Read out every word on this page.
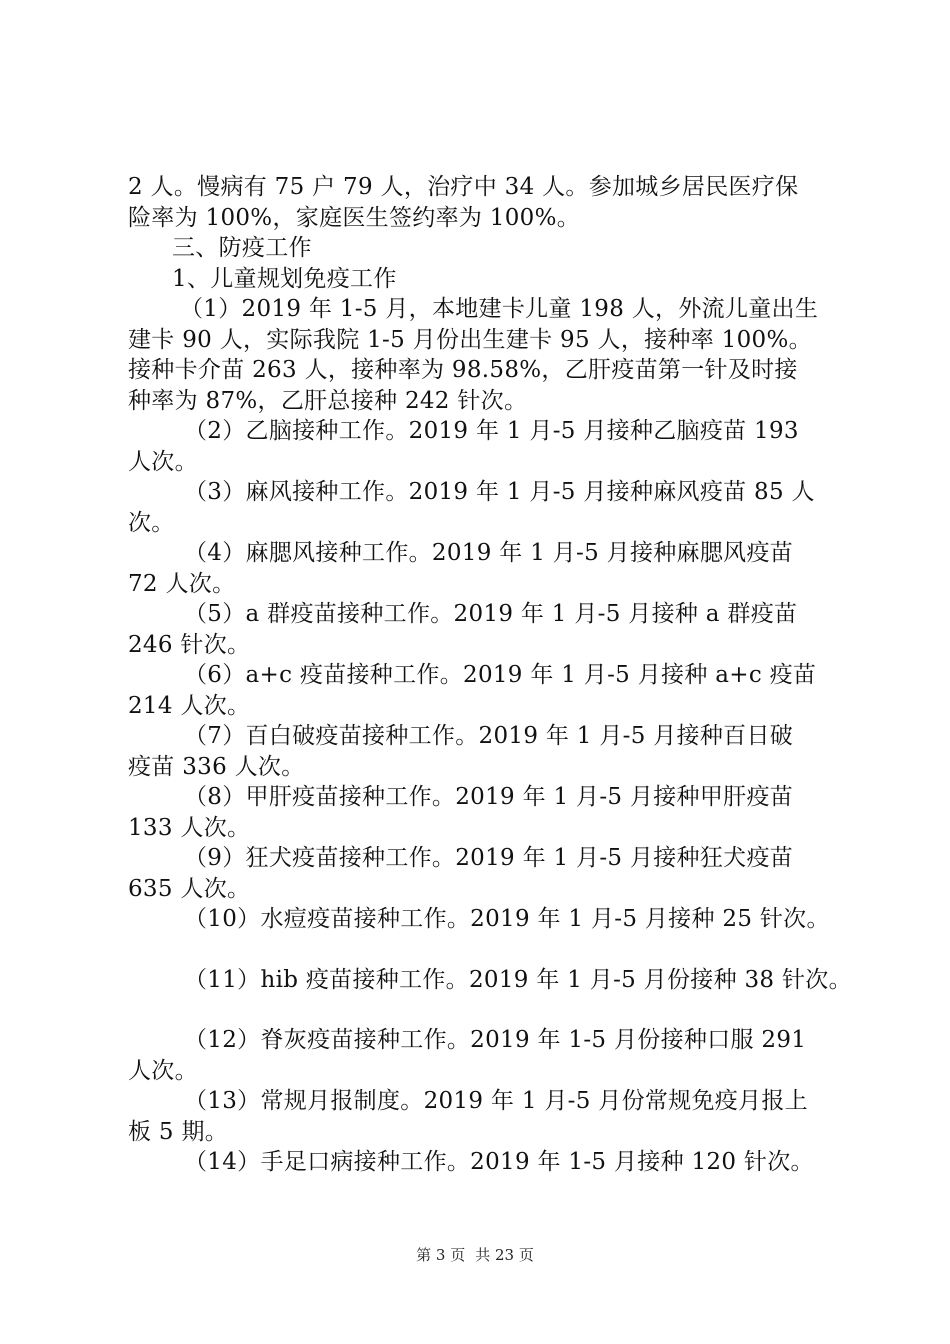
2 人。慢病有 75 户 79 人，治疗中 34 人。参加城乡居民医疗保
险率为 100%，家庭医生签约率为 100%。
三、防疫工作
1、儿童规划免疫工作
（1）2019 年 1-5 月，本地建卡儿童 198 人，外流儿童出生
建卡 90 人，实际我院 1-5 月份出生建卡 95 人，接种率 100%。
接种卡介苗 263 人，接种率为 98.58%，乙肝疫苗第一针及时接
种率为 87%，乙肝总接种 242 针次。
（2）乙脑接种工作。2019 年 1 月-5 月接种乙脑疫苗 193
人次。
（3）麻风接种工作。2019 年 1 月-5 月接种麻风疫苗 85 人
次。
（4）麻腮风接种工作。2019 年 1 月-5 月接种麻腮风疫苗
72 人次。
（5）a 群疫苗接种工作。2019 年 1 月-5 月接种 a 群疫苗
246 针次。
（6）a+c 疫苗接种工作。2019 年 1 月-5 月接种 a+c 疫苗
214 人次。
（7）百白破疫苗接种工作。2019 年 1 月-5 月接种百日破
疫苗 336 人次。
（8）甲肝疫苗接种工作。2019 年 1 月-5 月接种甲肝疫苗
133 人次。
（9）狂犬疫苗接种工作。2019 年 1 月-5 月接种狂犬疫苗
635 人次。
（10）水痘疫苗接种工作。2019 年 1 月-5 月接种 25 针次。
（11）hib 疫苗接种工作。2019 年 1 月-5 月份接种 38 针次。
（12）脊灰疫苗接种工作。2019 年 1-5 月份接种口服 291
人次。
（13）常规月报制度。2019 年 1 月-5 月份常规免疫月报上
板 5 期。
（14）手足口病接种工作。2019 年 1-5 月接种 120 针次。
第 3 页 共 23 页
